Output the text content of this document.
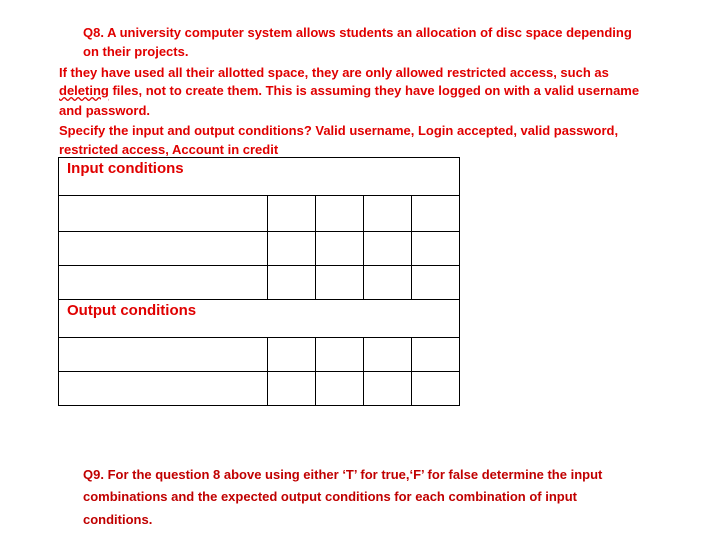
Q8. A university computer system allows students an allocation of disc space depending
on their projects.
If they have used all their allotted space, they are only allowed restricted access, such as
deleting files, not to create them. This is assuming they have logged on with a valid username
and password.
Specify the input and output conditions? Valid username, Login accepted, valid password,
restricted access, Account in credit
Input conditions				

Output conditions				

Q9. For the question 8 above using either ‘T’ for true,‘F’ for false determine the input
combinations and the expected output conditions for each combination of input
conditions.
